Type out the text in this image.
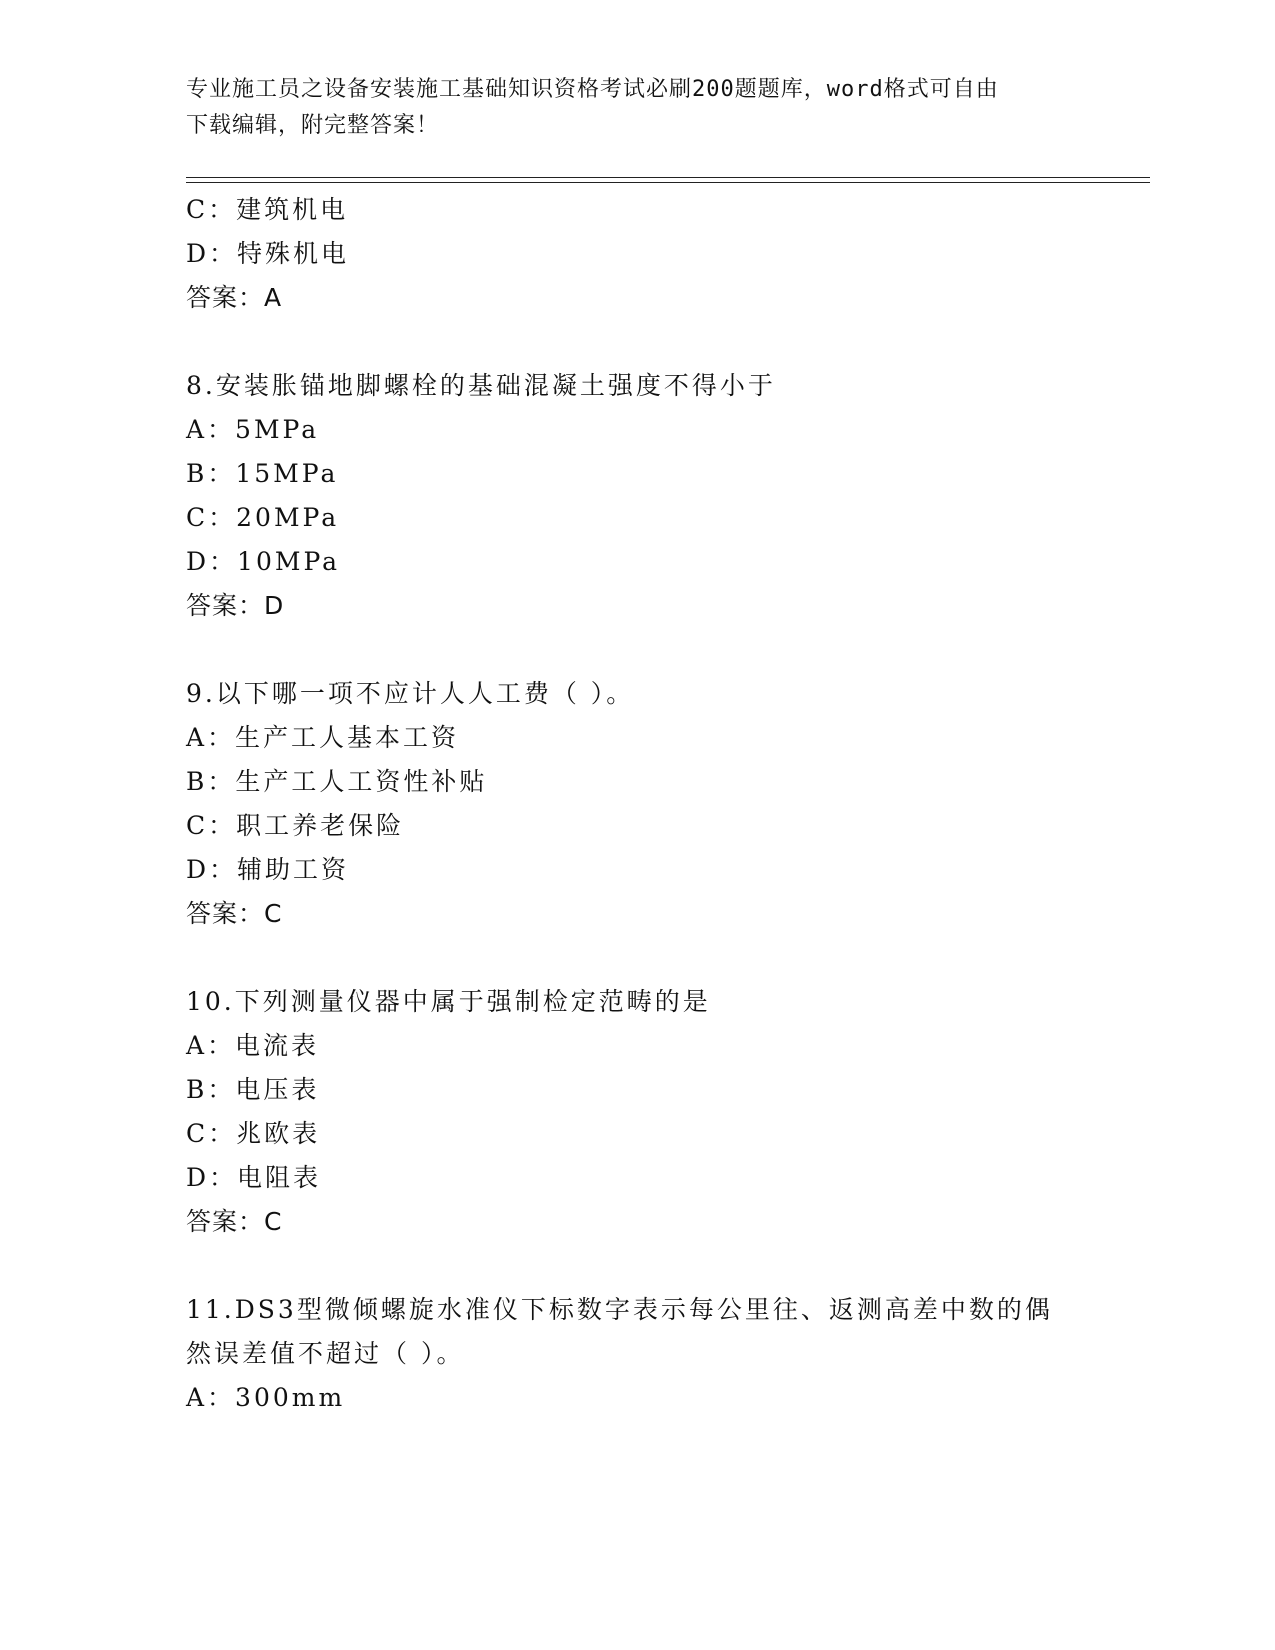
专业施工员之设备安装施工基础知识资格考试必刷200题题库，word格式可自由
下载编辑，附完整答案！
C：建筑机电
D：特殊机电
答案：A
8.安装胀锚地脚螺栓的基础混凝土强度不得小于
A：5MPa
B：15MPa
C：20MPa
D：10MPa
答案：D
9.以下哪一项不应计人人工费（ ）。
A：生产工人基本工资
B：生产工人工资性补贴
C：职工养老保险
D：辅助工资
答案：C
10.下列测量仪器中属于强制检定范畴的是
A：电流表
B：电压表
C：兆欧表
D：电阻表
答案：C
11.DS3型微倾螺旋水准仪下标数字表示每公里往、返测高差中数的偶
然误差值不超过（ ）。
A：300mm
